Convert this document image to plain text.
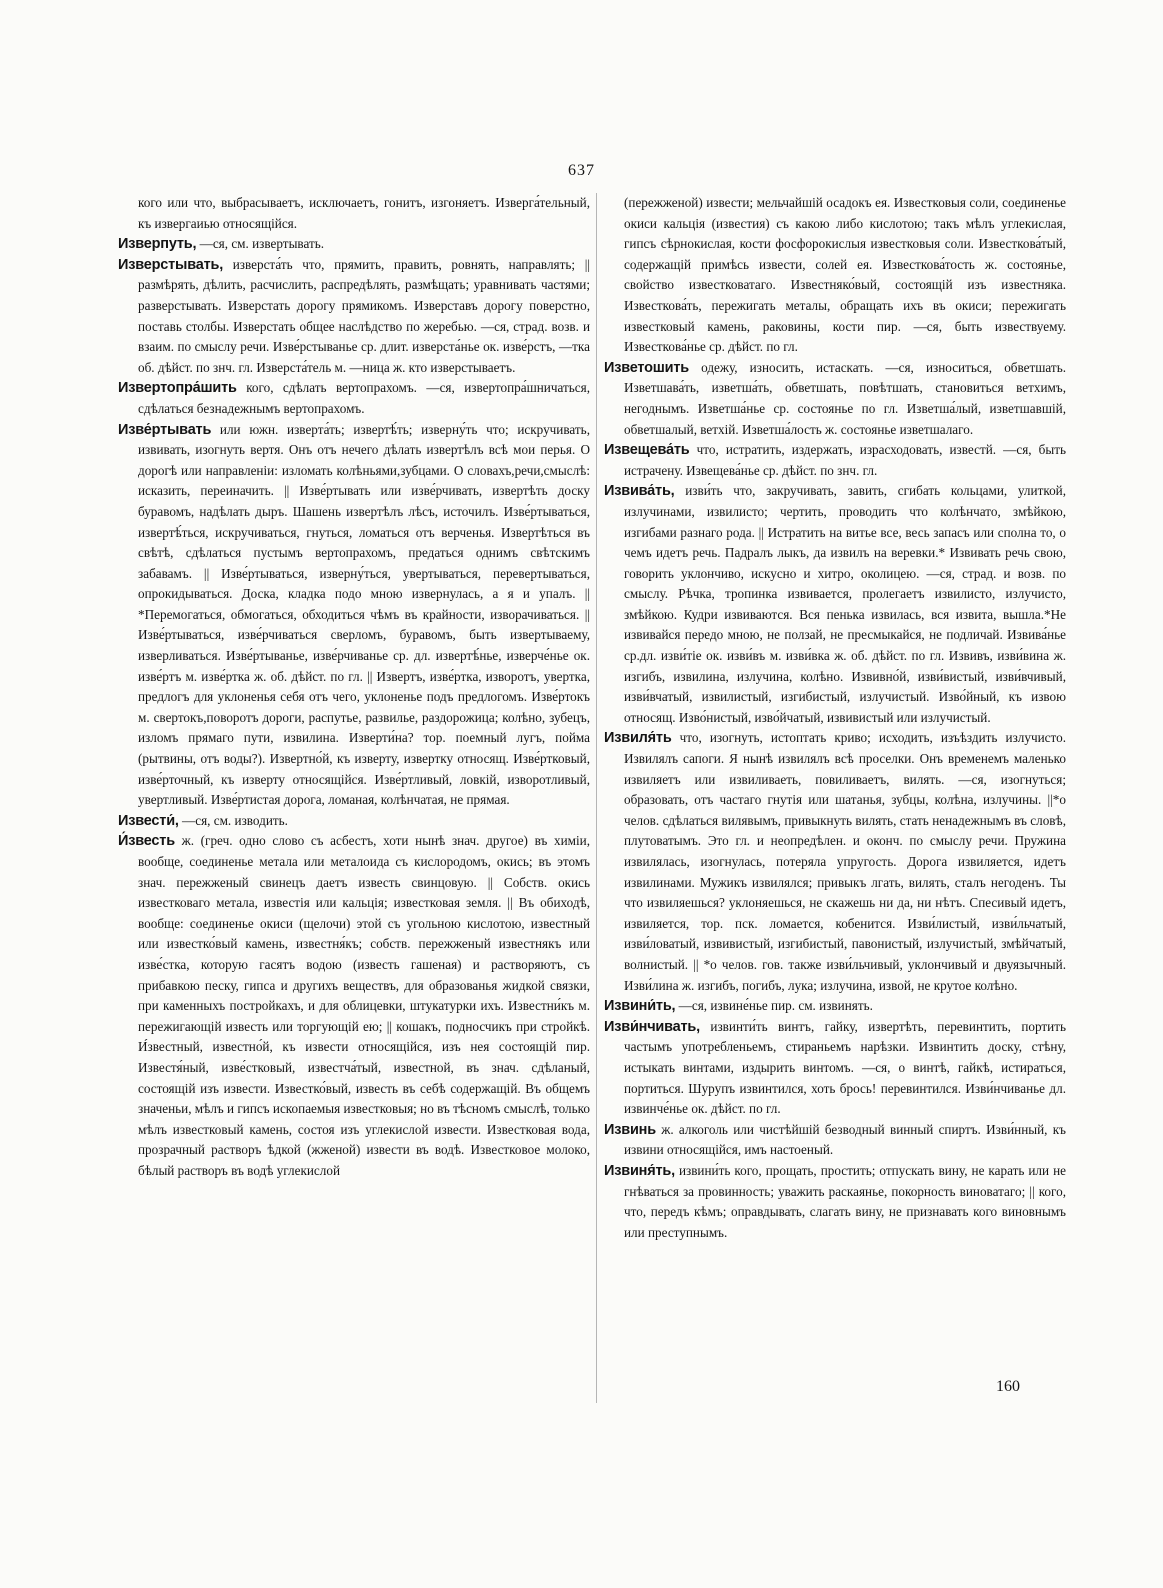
637

кого или что, выбрасываетъ, исключаетъ, гонитъ, изгоняетъ. Изверга́тельный, къ извергаиью относящійся.

Изверпуть, —ся, см. извертывать.

Изверстывать, изверста́ть что, прямить, править, ровнять, направлять; || размѣрять, дѣлить, расчислить, распредѣлять, размѣщать; уравнивать частями; разверстывать. Изверстать дорогу прямикомъ. Изверставъ дорогу поверстно, поставь столбы. Изверстать общее наслѣдство по жеребью. —ся, страд. возв. и взаим. по смыслу речи. Изве́рстыванье ср. длит. изверста́нье ок. изве́рстъ, —тка об. дѣйст. по знч. гл. Изверста́тель м. —ница ж. кто изверстываетъ.

Извертопра́шить кого, сдѣлать вертопрахомъ. —ся, извертопра́шничаться, сдѣлаться безнадежнымъ вертопрахомъ.

Изве́ртывать или южн. изверта́ть; извертѣ́ть; изверну́ть что; искручивать, извивать, изогнуть вертя. Онъ отъ нечего дѣлать извертѣлъ всѣ мои перья. О дорогѣ или направленіи: изломать колѣньями,зубцами. О словахъ,речи,смыслѣ: исказить, переиначить. || Изве́ртывать или изве́рчивать, извертѣть доску буравомъ, надѣлать дыръ. Шашень извертѣлъ лѣсъ, источилъ. Изве́ртываться, извертѣ́ться, искручиваться, гнуться, ломаться отъ верченья. Извертѣться въ свѣтѣ, сдѣлаться пустымъ вертопрахомъ, предаться однимъ свѣтскимъ забавамъ. || Изве́ртываться, изверну́ться, увертываться, перевертываться, опрокидываться. Доска, кладка подо мною извернулась, а я и упалъ. || *Перемогаться, обмогаться, обходиться чѣмъ въ крайности, изворачиваться. || Изве́ртываться, изве́рчиваться сверломъ, буравомъ, быть извертываему, изверливаться. Изве́ртыванье, изве́рчиванье ср. дл. извертѣ́нье, изверче́нье ок. изве́ртъ м. изве́ртка ж. об. дѣйст. по гл. || Извертъ, изве́ртка, изворотъ, увертка, предлогъ для уклоненья себя отъ чего, уклоненье подъ предлогомъ. Изве́ртокъ м. свертокъ,поворотъ дороги, распутье, развилье, раздорожица; колѣно, зубецъ, изломъ прямаго пути, извилина. Изверти́на? тор. поемный лугъ, пойма (рытвины, отъ воды?). Извертно́й, къ изверту, извертку относящ. Изве́ртковый, изве́рточный, къ изверту относящійся. Изве́ртливый, ловкій, изворотливый, увертливый. Изве́ртистая дорога, ломаная, колѣнчатая, не прямая.

Извести́, —ся, см. изводить.

И́звесть ж. (греч. одно слово съ асбестъ, хоти нынѣ знач. другое) въ химіи, вообще, соединенье метала или металоида съ кислородомъ, окись; въ этомъ знач. пережженый свинецъ даетъ известь свинцовую. || Собств. окись известковаго метала, известія или кальція; известковая земля. || Въ обиходѣ, вообще: соединенье окиси (щелочи) этой съ угольною кислотою, известный или известко́вый камень, известня́къ; собств. пережженый известнякъ или изве́стка, которую гасятъ водою (известь гашеная) и растворяютъ, съ прибавкою песку, гипса и другихъ веществъ, для образованья жидкой связки, при каменныхъ постройкахъ, и для облицевки, штукатурки ихъ. Известни́къ м. пережигающій известь или торгующій ею; || кошакъ, подносчикъ при стройкѣ. И́звестный, известно́й, къ извести относящійся, изъ нея состоящій пир. Известя́ный, изве́стковый, известча́тый, известной, въ знач. сдѣланый, состоящій изъ извести. Известко́вый, известь въ себѣ содержащій. Въ общемъ значеньи, мѣлъ и гипсъ ископаемыя известковыя; но въ тѣсномъ смыслѣ, только мѣлъ известковый камень, состоя изъ углекислой извести. Известковая вода, прозрачный растворъ ѣдкой (жженой) извести въ водѣ. Известковое молоко, бѣлый растворъ въ водѣ углекислой

(пережженой) извести; мельчайшій осадокъ ея. Известковыя соли, соединенье окиси кальція (известия) съ какою либо кислотою; такъ мѣлъ углекислая, гипсъ сѣрнокислая, кости фосфорокислыя известковыя соли. Известкова́тый, содержащій примѣсь извести, солей ея. Известкова́тость ж. состоянье, свойство известковатаго. Известняко́вый, состоящій изъ известняка. Известкова́ть, пережигать металы, обращать ихъ въ окиси; пережигать известковый камень, раковины, кости пир. —ся, быть извествуему. Известкова́нье ср. дѣйст. по гл.

Изветошить одежу, износить, истаскать. —ся, износиться, обветшать. Изветшава́ть, изветша́ть, обветшать, повѣтшать, становиться ветхимъ, негоднымъ. Изветша́нье ср. состоянье по гл. Изветша́лый, изветшавшій, обветшалый, ветхій. Изветша́лость ж. состоянье изветшалаго.

Извещева́ть что, истратить, издержать, израсходовать, известй. —ся, быть истрачену. Извещева́нье ср. дѣйст. по знч. гл.

Извива́ть, изви́ть что, закручивать, завить, сгибать кольцами, улиткой, излучинами, извилисто; чертить, проводить что колѣнчато, змѣйкою, изгибами разнаго рода. || Истратить на витье все, весь запасъ или сполна то, о чемъ идетъ речь. Падралъ лыкъ, да извилъ на веревки.* Извивать речь свою, говорить уклончиво, искусно и хитро, околицею. —ся, страд. и возв. по смыслу. Рѣчка, тропинка извивается, пролегаетъ извилисто, излучисто, змѣйкою. Кудри извиваются. Вся пенька извилась, вся извита, вышла.*Не извивайся передо мною, не ползай, не пресмыкайся, не подличай. Извива́нье ср.дл. изви́тіе ок. изви́въ м. изви́вка ж. об. дѣйст. по гл. Извивъ, изви́вина ж. изгибъ, извилина, излучина, колѣно. Извивно́й, изви́вистый, изви́вчивый, изви́вчатый, извилистый, изгибистый, излучистый. Изво́йный, къ извою относящ. Изво́нистый, изво́йчатый, извивистый или излучистый.

Извиля́ть что, изогнуть, истоптать криво; исходить, изъѣздить излучисто. Извилялъ сапоги. Я нынѣ извилялъ всѣ проселки. Онъ временемъ маленько извиляетъ или извиливаеть, повиливаетъ, вилять. —ся, изогнуться; образовать, отъ частаго гнутія или шатанья, зубцы, колѣна, излучины. ||*о челов. сдѣлаться вилявымъ, привыкнуть вилять, стать ненадежнымъ въ словѣ, плутоватымъ. Это гл. и неопредѣлен. и оконч. по смыслу речи. Пружина извилялась, изогнулась, потеряла упругость. Дорога извиляется, идетъ извилинами. Мужикъ извилялся; привыкъ лгать, вилять, сталъ негоденъ. Ты что извиляешься? уклоняешься, не скажешь ни да, ни нѣтъ. Спесивый идетъ, извиляется, тор. пск. ломается, кобенится. Изви́листый, изви́льчатый, изви́ловатый, извивистый, изгибистый, павонистый, излучистый, змѣйчатый, волнистый. || *о челов. гов. также изви́льчивый, уклончивый и двуязычный. Изви́лина ж. изгибъ, погибъ, лука; излучина, извой, не крутое колѣно.

Извини́ть, —ся, извине́нье пир. см. извинять.

Изви́нчивать, извинти́ть винтъ, гайку, извертѣть, перевинтить, портить частымъ употребленьемъ, стираньемъ нарѣзки. Извинтить доску, стѣну, истыкать винтами, издырить винтомъ. —ся, о винтѣ, гайкѣ, истираться, портиться. Шурупъ извинтился, хоть брось! перевинтился. Изви́нчиванье дл. извинче́нье ок. дѣйст. по гл.

Извинь ж. алкоголь или чистѣйшій безводный винный спиртъ. Изви́нный, къ извини относящійся, имъ настоеный.

Извиня́ть, извини́ть кого, прощать, простить; отпускать вину, не карать или не гнѣваться за провинность; уважить раскаянье, покорность виноватаго; || кого, что, передъ кѣмъ; оправдывать, слагать вину, не признавать кого виновнымъ или преступнымъ.

160
